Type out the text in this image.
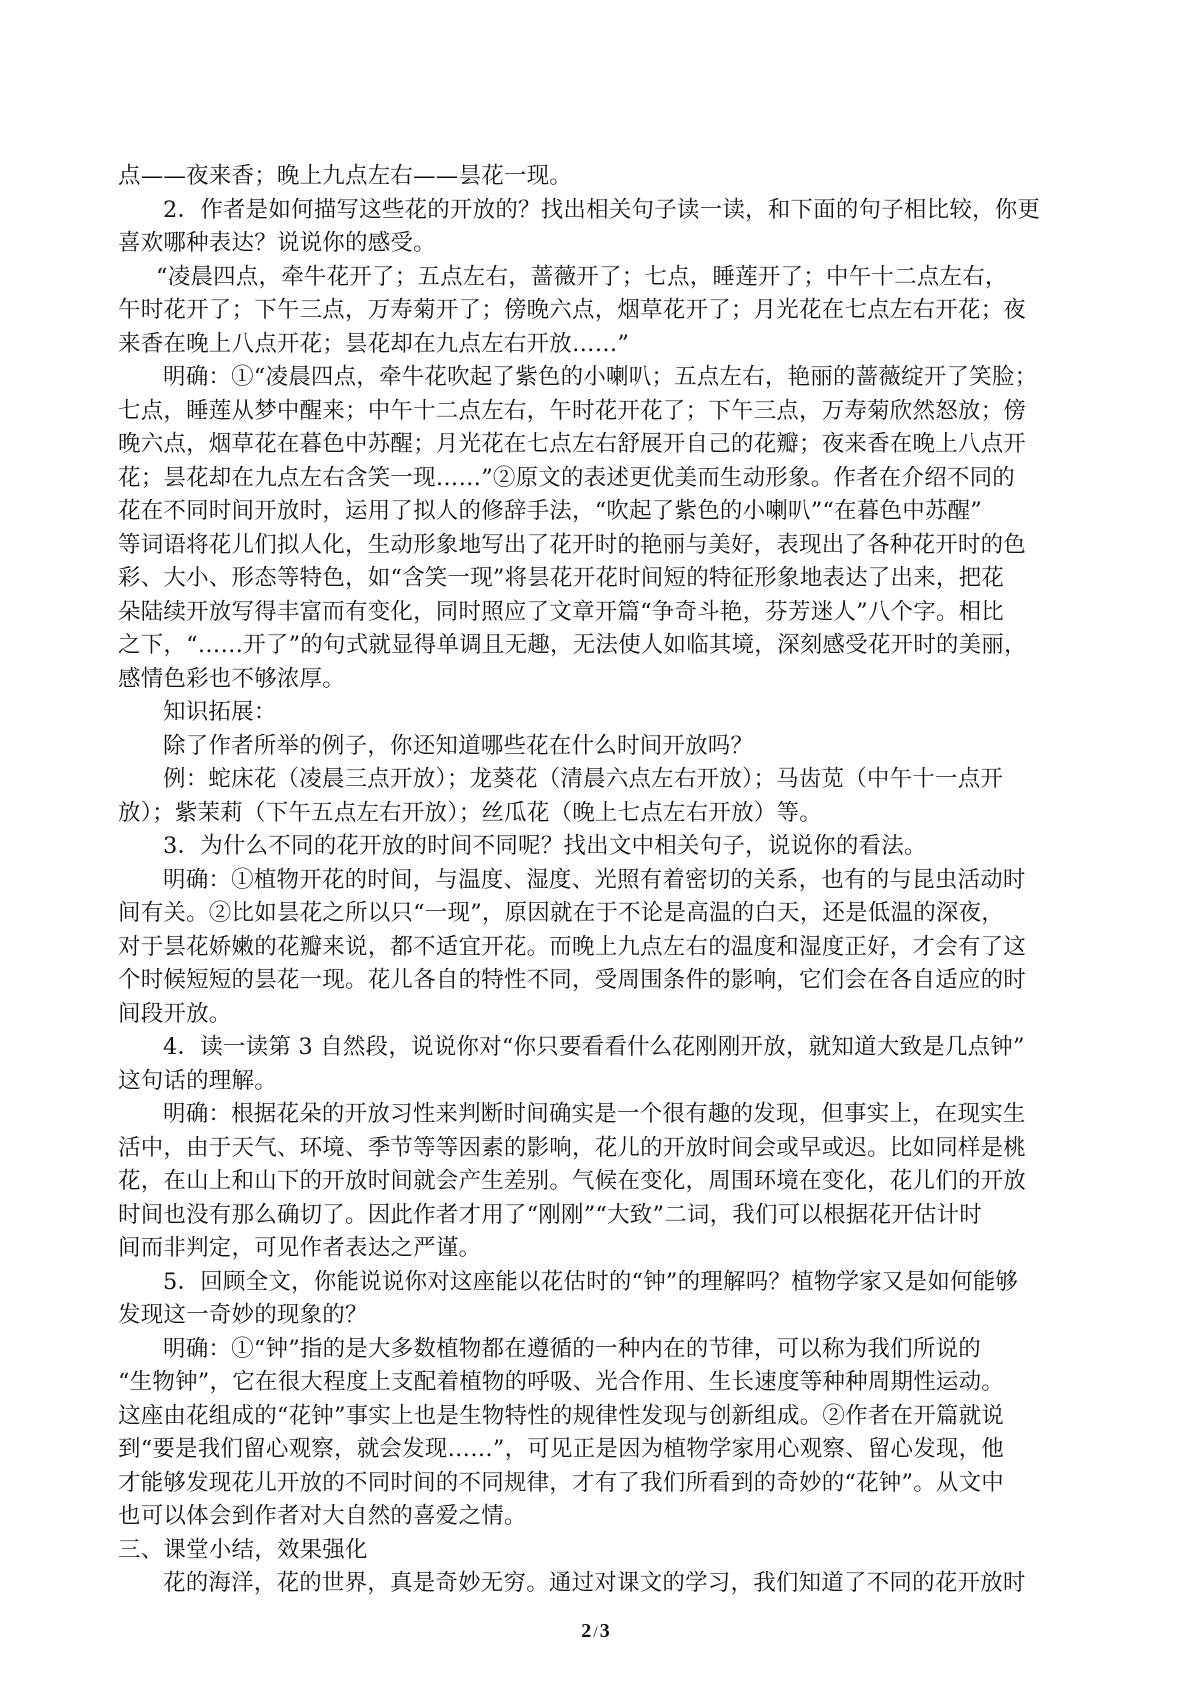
点——夜来香；晚上九点左右——昙花一现。
2．作者是如何描写这些花的开放的？找出相关句子读一读，和下面的句子相比较，你更
喜欢哪种表达？说说你的感受。
“凌晨四点，牵牛花开了；五点左右，蔷薇开了；七点，睡莲开了；中午十二点左右，
午时花开了；下午三点，万寿菊开了；傍晚六点，烟草花开了；月光花在七点左右开花；夜
来香在晚上八点开花；昙花却在九点左右开放……”
明确：①“凌晨四点，牵牛花吹起了紫色的小喇叭；五点左右，艳丽的蔷薇绽开了笑脸；
七点，睡莲从梦中醒来；中午十二点左右，午时花开花了；下午三点，万寿菊欣然怒放；傍
晚六点，烟草花在暮色中苏醒；月光花在七点左右舒展开自己的花瓣；夜来香在晚上八点开
花；昙花却在九点左右含笑一现……”②原文的表述更优美而生动形象。作者在介绍不同的
花在不同时间开放时，运用了拟人的修辞手法，“吹起了紫色的小喇叭”“在暮色中苏醒”
等词语将花儿们拟人化，生动形象地写出了花开时的艳丽与美好，表现出了各种花开时的色
彩、大小、形态等特色，如“含笑一现”将昙花开花时间短的特征形象地表达了出来，把花
朵陆续开放写得丰富而有变化，同时照应了文章开篇“争奇斗艳，芬芳迷人”八个字。相比
之下，“……开了”的句式就显得单调且无趣，无法使人如临其境，深刻感受花开时的美丽，
感情色彩也不够浓厚。
知识拓展：
除了作者所举的例子，你还知道哪些花在什么时间开放吗？
例：蛇床花（凌晨三点开放）；龙葵花（清晨六点左右开放）；马齿苋（中午十一点开
放）；紫茉莉（下午五点左右开放）；丝瓜花（晚上七点左右开放）等。
3．为什么不同的花开放的时间不同呢？找出文中相关句子，说说你的看法。
明确：①植物开花的时间，与温度、湿度、光照有着密切的关系，也有的与昆虫活动时
间有关。②比如昙花之所以只“一现”，原因就在于不论是高温的白天，还是低温的深夜，
对于昙花娇嫩的花瓣来说，都不适宜开花。而晚上九点左右的温度和湿度正好，才会有了这
个时候短短的昙花一现。花儿各自的特性不同，受周围条件的影响，它们会在各自适应的时
间段开放。
4．读一读第 3 自然段，说说你对“你只要看看什么花刚刚开放，就知道大致是几点钟”
这句话的理解。
明确：根据花朵的开放习性来判断时间确实是一个很有趣的发现，但事实上，在现实生
活中，由于天气、环境、季节等等因素的影响，花儿的开放时间会或早或迟。比如同样是桃
花，在山上和山下的开放时间就会产生差别。气候在变化，周围环境在变化，花儿们的开放
时间也没有那么确切了。因此作者才用了“刚刚”“大致”二词，我们可以根据花开估计时
间而非判定，可见作者表达之严谨。
5．回顾全文，你能说说你对这座能以花估时的“钟”的理解吗？植物学家又是如何能够
发现这一奇妙的现象的？
明确：①“钟”指的是大多数植物都在遵循的一种内在的节律，可以称为我们所说的
“生物钟”，它在很大程度上支配着植物的呼吸、光合作用、生长速度等种种周期性运动。
这座由花组成的“花钟”事实上也是生物特性的规律性发现与创新组成。②作者在开篇就说
到“要是我们留心观察，就会发现……”，可见正是因为植物学家用心观察、留心发现，他
才能够发现花儿开放的不同时间的不同规律，才有了我们所看到的奇妙的“花钟”。从文中
也可以体会到作者对大自然的喜爱之情。
三、课堂小结，效果强化
花的海洋，花的世界，真是奇妙无穷。通过对课文的学习，我们知道了不同的花开放时
2 / 3
